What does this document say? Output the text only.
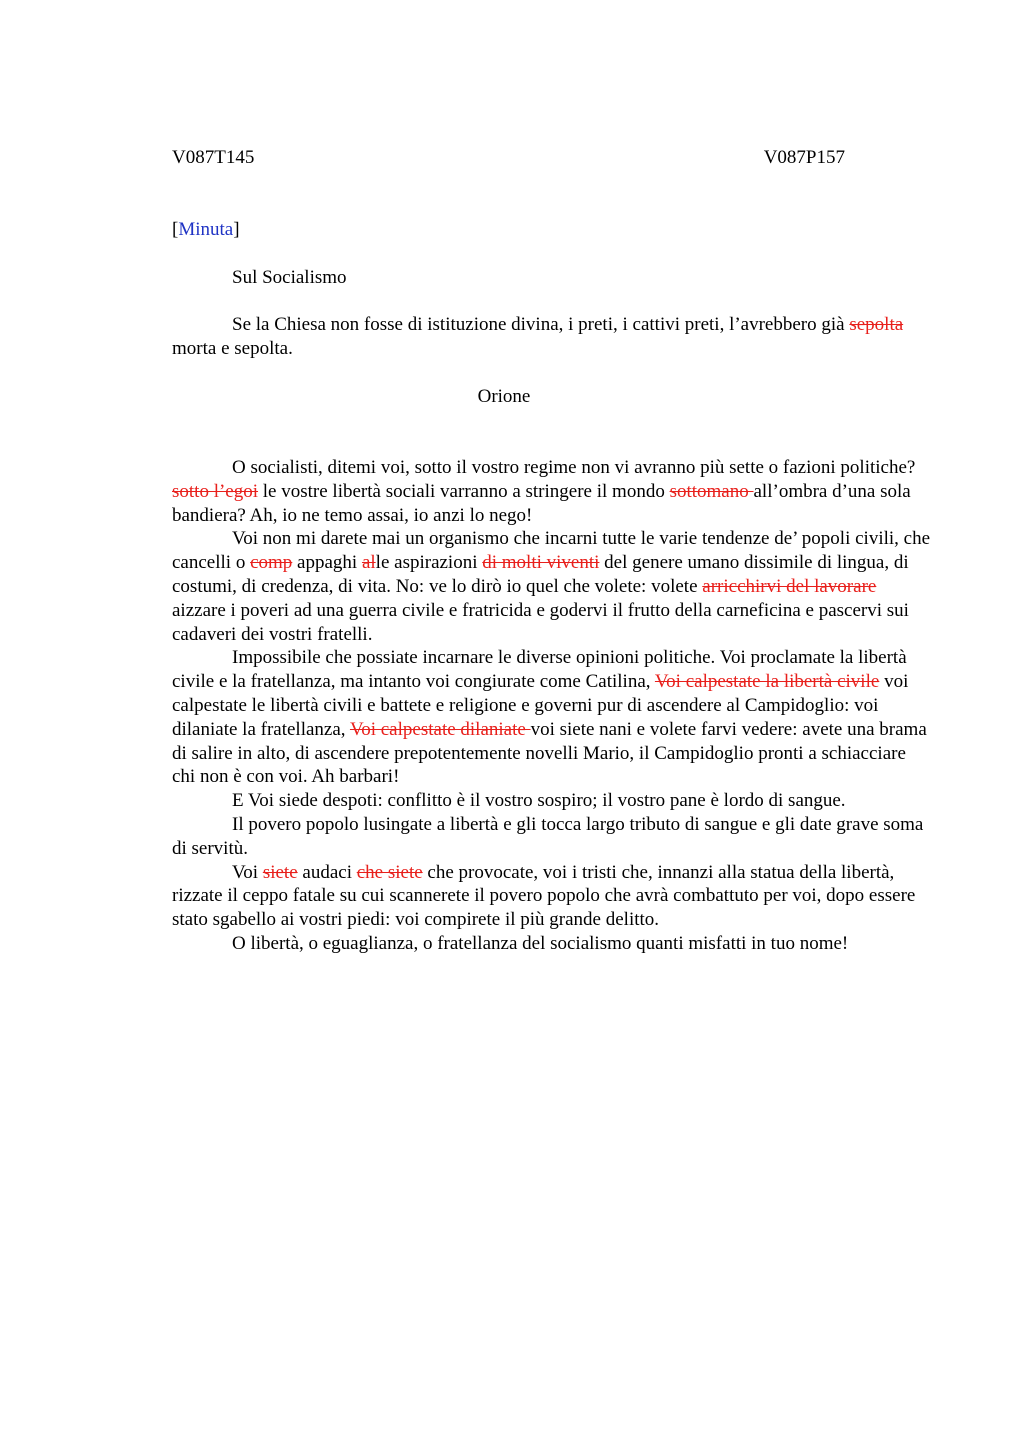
V087T145	V087P157
[Minuta]
Sul Socialismo
Se la Chiesa non fosse di istituzione divina, i preti, i cattivi preti, l’avrebbero già sepolta morta e sepolta.
Orione

O socialisti, ditemi voi, sotto il vostro regime non vi avranno più sette o fazioni politiche? sotto l’egoi le vostre libertà sociali varranno a stringere il mondo sottomano all’ombra d’una sola bandiera? Ah, io ne temo assai, io anzi lo nego!

Voi non mi darete mai un organismo che incarni tutte le varie tendenze de’ popoli civili, che cancelli o comp appaghi alle aspirazioni di molti viventi del genere umano dissimile di lingua, di costumi, di credenza, di vita. No: ve lo dirò io quel che volete: volete arricchirvi del lavorare aizzare i poveri ad una guerra civile e fratricida e godervi il frutto della carneficina e pascervi sui cadaveri dei vostri fratelli.

Impossibile che possiate incarnare le diverse opinioni politiche. Voi proclamate la libertà civile e la fratellanza, ma intanto voi congiurate come Catilina, Voi calpestate la libertà civile voi calpestate le libertà civili e battete e religione e governi pur di ascendere al Campidoglio: voi dilaniate la fratellanza, Voi calpestate dilaniate voi siete nani e volete farvi vedere: avete una brama di salire in alto, di ascendere prepotentemente novelli Mario, il Campidoglio pronti a schiacciare chi non è con voi. Ah barbari!

E Voi siede despoti: conflitto è il vostro sospiro; il vostro pane è lordo di sangue.

Il povero popolo lusingate a libertà e gli tocca largo tributo di sangue e gli date grave soma di servitù.

Voi siete audaci che siete che provocate, voi i tristi che, innanzi alla statua della libertà, rizzate il ceppo fatale su cui scannerete il povero popolo che avrà combattuto per voi, dopo essere stato sgabello ai vostri piedi: voi compirete il più grande delitto.

O libertà, o eguaglianza, o fratellanza del socialismo quanti misfatti in tuo nome!
